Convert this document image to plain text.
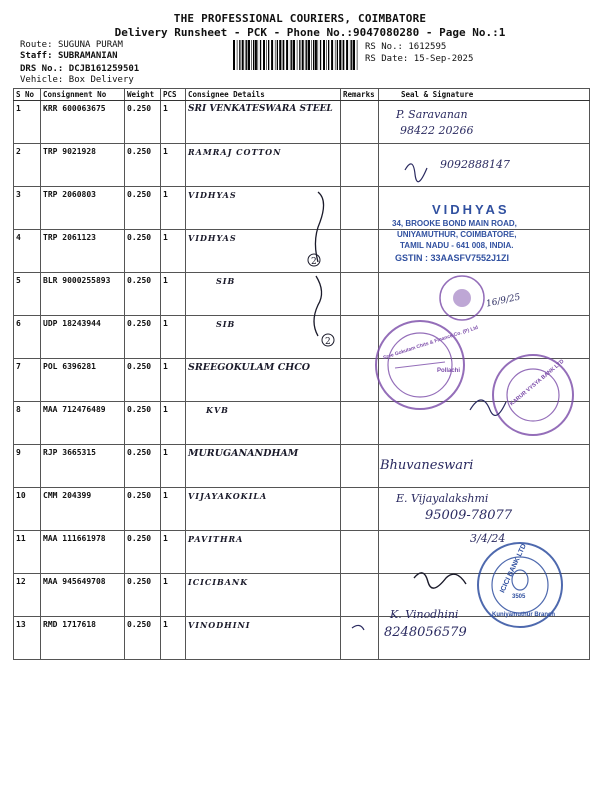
THE PROFESSIONAL COURIERS, COIMBATORE
Delivery Runsheet - PCK - Phone No.:9047080280 - Page No.:1
Route: SUGUNA PURAM
Staff: SUBRAMANIAN
DRS No.: DCJB161259501
Vehicle: Box Delivery
RS No.: 1612595
RS Date: 15-Sep-2025
S No	Consignment No	Weight	PCS	Consignee Details	Remarks	Seal & Signature
1	KRR 600063675	0.250	1	SRI VENKATESWARA STEEL		
2	TRP 9021928	0.250	1	RAMRAJ COTTON		
3	TRP 2060803	0.250	1	VIDHYAS		
4	TRP 2061123	0.250	1	VIDHYAS		
5	BLR 9000255893	0.250	1	SIB		
6	UDP 18243944	0.250	1	SIB		
7	POL 6396281	0.250	1	SREEGOKULAM CHCO		
8	MAA 712476489	0.250	1	KVB		
9	RJP 3665315	0.250	1	MURUGANANDHAM		
10	CMM 204399	0.250	1	VIJAYAKOKILA		
11	MAA 111661978	0.250	1	PAVITHRA		
12	MAA 945649708	0.250	1	ICICIBANK		
13	RMD 1717618	0.250	1	VINODHINI		
2
2
VIDHYAS
34, BROOKE BOND MAIN ROAD,
UNIYAMUTHUR, COIMBATORE,
TAMIL NADU - 641 008, INDIA.
GSTIN : 33AASFV7552J1ZI
Sree Gokulam Chits & Finance Co. (P) Ltd
Pollachi	KARUR VYSYA BANK LTD
ICICI BANK LTD
3505
Kuniyamuthur Branch
P. Saravanan
98422 20266
9092888147
16/9/25
Bhuvaneswari
E. Vijayalakshmi
95009-78077
3/4/24
K. Vinodhini
8248056579
